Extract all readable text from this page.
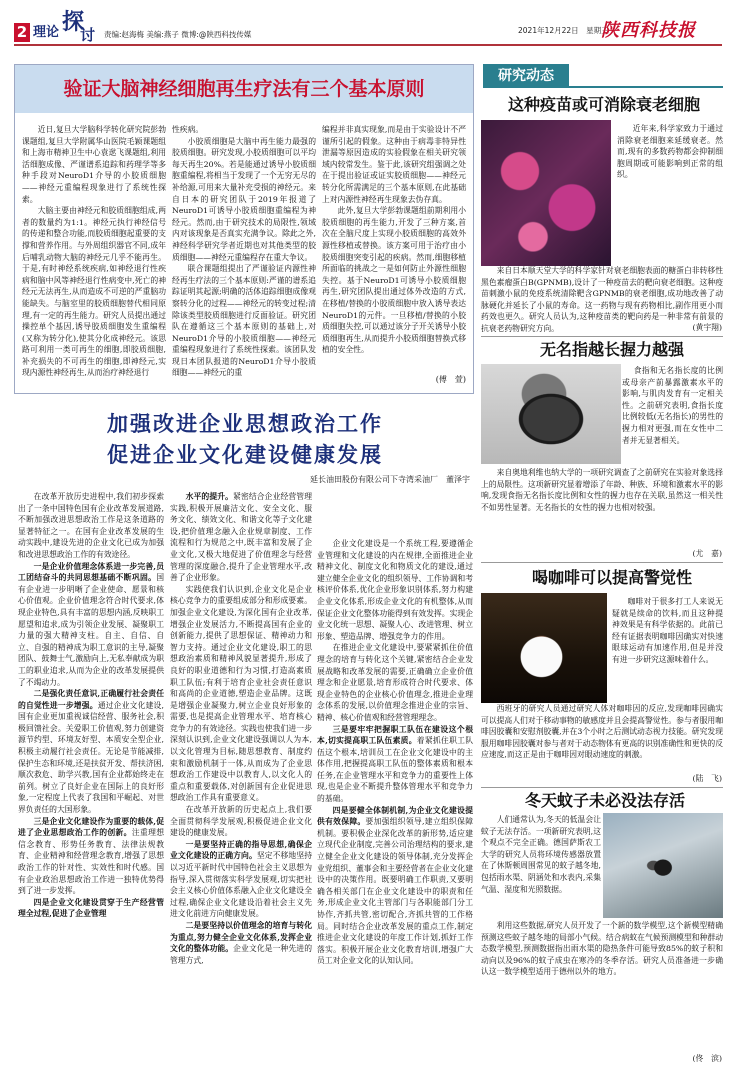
2 理论 探
讨 责编:赵海梅 美编:燕子 微博:@陕西科技传媒	2021年12月22日　星期三
陕西科技报
验证大脑神经细胞再生疗法有三个基本原则

近日,复旦大学脑科学转化研究院彭勃课题组,复旦大学附属华山医院毛颖课题组和上海市精神卫生中心袁逖飞课题组,利用活细胞成像、严谨谱系追踪和药理学等多种手段对NeuroD1介导的小胶质细胞——神经元重编程现象进行了系统性探索。

大脑主要由神经元和胶质细胞组成,两者的数量约为1:1。神经元执行神经信号的传递和整合功能,而胶质细胞起重要的支撑和营养作用。与外周组织器官不同,成年后哺乳动物大脑的神经元几乎不能再生。于是,有时神经系统疾病,如神经退行性疾病和脑中风等神经退行性病变中,死亡的神经元无法再生,从而造成不可逆的严重脑功能缺失。与脑室里的胶质细胞替代相同原理,有一定的再生能力。研究人员提出通过操控单个基因,诱导胶质细胞发生重编程(又称为转分化),使其分化成神经元。该思路可利用一类可再生的细胞,即胶质细胞,补充损失的不可再生的细胞,即神经元,实现内源性神经再生,从而治疗神经退行

性疾病。

小胶质细胞是大脑中再生能力最强的胶质细胞。研究发现,小胶质细胞可以平均每天再生20%。若是能通过诱导小胶质细胞重编程,将相当于发现了一个无穷无尽的补给源,可用来大量补充受损的神经元。来自日本的研究团队于2019年报道了NeuroD1可诱导小胶质细胞重编程为神经元。然而,由于研究技术的局限性,领域内对该现象是否真实充满争议。除此之外,神经科学研究学者近期也对其他类型的胶质细胞——神经元重编程存在重大争议。

联合课题组提出了严谨验证内源性神经再生疗法的三个基本原则:严谨的谱系追踪证明其起源;明确的活体追踪细胞成像观察转分化的过程——神经元的转变过程;清除该类型胶质细胞进行反面验证。研究团队在遵循这三个基本原则的基础上,对NeuroD1介导的小胶质细胞——神经元重编程现象进行了系统性探索。该团队发现日本团队报道的NeuroD1介导小胶质细胞——神经元的重

编程并非真实现象,而是由于实验设计不严谨所引起的假象。这种由于病毒非特异性泄漏等原因造成的实验假象在相关研究领域内较常发生。鉴于此,该研究组强调之处在于提出验证或证实胶质细胞——神经元转分化所需满足的三个基本原则,在此基础上对内源性神经再生现象去伪存真。

此外,复旦大学彭勃课题组前期利用小胶质细胞的再生能力,开发了三种方案,首次在全脑尺度上实现小胶质细胞的高效外源性移植或替换。该方案可用于治疗由小胶质细胞突变引起的疾病。然而,细胞移植所面临的挑战之一是如何防止外源性细胞失控。基于NeuroD1可诱导小胶质细胞再生,研究团队提出通过体外改造的方式,在移植/替换的小胶质细胞中放入诱导表达NeuroD1的元件。一旦移植/替换的小胶质细胞失控,可以通过该分子开关诱导小胶质细胞再生,从而提升小胶质细胞替换式移植的安全性。

(傅　萱)
加强改进企业思想政治工作
促进企业文化建设健康发展
延长油田股份有限公司下寺湾采油厂　董泽宇

在改革开放历史进程中,我们初步探索出了一条中国特色国有企业改革发展道路,不断加强改进思想政治工作是这条道路的显著特征之一。在国有企业改革发展的生动实践中,建设先进的企业文化已成为加强和改进思想政治工作的有效途径。

一是企业价值理念体系进一步完善,员工团结奋斗的共同思想基础不断巩固。国有企业进一步明晰了企业使命、愿景和核心价值观。企业价值理念符合时代要求,体现企业特色,具有丰富的思想内涵,反映职工愿望和追求,成为引领企业发展、凝聚职工力量的强大精神支柱。自主、自信、自立、自强的精神成为职工意识的主导,凝聚团队、鼓舞士气,激励向上,无私奉献成为职工的职业追求,从而为企业的改革发展提供了不竭动力。

二是强化责任意识,正确履行社会责任的自觉性进一步增强。通过企业文化建设,国有企业更加重视诚信经营、服务社会,积极回馈社会。关爱职工价值观,努力创建资源节约型、环境友好型、本质安全型企业,积极主动履行社会责任。无论是节能减排,保护生态和环境,还是扶贫开发、帮扶济困,顺次救危、助学兴教,国有企业都始终走在前列。树立了良好企业在国际上的良好形象,一定程度上代表了我国和平崛起、对世界负责任的大国形象。

三是企业文化建设作为重要的载体,促进了企业思想政治工作的创新。注重理想信念教育、形势任务教育、法律法规教育、企业精神和经营理念教育,增强了思想政治工作的针对性、实效性和时代感。国有企业政治思想政治工作进一独特优势得到了进一步发挥。

四是企业文化建设贯穿于生产经营管理全过程,促进了企业管理

水平的提升。紧密结合企业经营管理实践,积极开展廉洁文化、安全文化、服务文化、绩效文化、和谐文化等子文化建设,把价值理念融入企业规章制度、工作流程和行为规范之中,既丰富和发展了企业文化,又极大地促进了价值理念与经营管理的深度融合,提升了企业管理水平,改善了企业形象。

实践使我们认识到,企业文化是企业核心竞争力的重要组成部分和形成要素。加强企业文化建设,为深化国有企业改革,增强企业发展活力,不断提高国有企业的创新能力,提供了思想保证、精神动力和智力支持。通过企业文化建设,职工的思想政治素质和精神风貌显著提升,形成了良好的职业道德和行为习惯,打造高素质职工队伍;有利于培育企业社会责任意识和高尚的企业道德,塑造企业品牌。这既是增强企业凝聚力,树立企业良好形象的需要,也是提高企业管理水平、培育核心竞争力的有效途径。实践也使我们进一步深刻认识到,企业文化建设强调以人为本,以文化管理为目标,随思想教育、制度约束和激励机制于一体,从而成为了企业思想政治工作建设中以教育人,以文化人的重点和重要载体,对创新国有企业促进思想政治工作具有重要意义。

在改革开放新的历史起点上,我们要全面贯彻科学发展观,积极促进企业文化建设的健康发展。

一是要坚持正确的指导思想,确保企业文化建设的正确方向。坚定不移地坚持以习近平新时代中国特色社会主义思想为指导,深入贯彻落实科学发展观,切实把社会主义核心价值体系融入企业文化建设全过程,确保企业文化建设沿着社会主义先进文化前进方向健康发展。

二是要坚持以价值理念的培育与转化为重点,努力健全企业文化体系,发挥企业文化的整体功能。企业文化是一种先进的管理方式,

企业文化建设是一个系统工程,要遵循企业管理和文化建设的内在规律,全面推进企业精神文化、制度文化和物质文化的建设,通过建立健全企业文化的组织领导、工作协调和考核评价体系,优化企业形象识别体系,努力构建企业文化体系,形成企业文化的有机整体,从而保证企业文化整体功能得到有效发挥。实现企业文化统一思想、凝聚人心、改进管理、树立形象、塑造品牌、增强竞争力的作用。

在推进企业文化建设中,要紧紧抓住价值理念的培育与转化这个关键,紧密结合企业发展战略和改革发展的需要,正确确立企业价值理念和企业愿景,培育形成符合时代要求、体现企业特色的企业核心价值理念,推进企业理念体系的发展,以价值理念推进企业的宗旨、精神、核心价值观和经营管理理念。

三是要牢牢把握职工队伍在建设这个根本,切实提高职工队伍素质。着紧抓住职工队伍这个根本,培训员工在企业文化建设中的主体作用,把握提高职工队伍的整体素质和根本任务,在企业管理水平和竞争力的重要性上体现,也是企业不断提升整体管理水平和竞争力的基础。

四是要健全体制机制,为企业文化建设提供有效保障。要加强组织领导,建立组织保障机制。要积极企业深化改革的新形势,适应建立现代企业制度,完善公司治理结构的要求,建立健全企业文化建设的领导体制,充分发挥企业党组织、董事会和主要经营者在企业文化建设中的决策作用。既要明确工作职责,又要明确各相关部门在企业文化建设中的职责和任务,形成企业文化主管部门与各职能部门分工协作,齐抓共管,密切配合,齐抓共管的工作格局。同时结合企业改革发展的重点工作,制定推进企业文化建设的年度工作计划,抓好工作落实。积极开展企业文化教育培训,增强广大员工对企业文化的认知认同。

研究动态
这种疫苗或可消除衰老细胞

近年来,科学家致力于通过消除衰老细胞来延缓衰老。然而,现有的多数药物都会抑制细胞周期或可能影响到正常的组织。

来自日本顺天堂大学的科学家针对衰老细胞表面的糖蛋白非转移性黑色素瘤蛋白B(GPNMB),设计了一种疫苗去的靶向衰老细胞。这种疫苗刺激小鼠的免疫系统清除靶含GPNMB的衰老细胞,成功地改善了动脉硬化并延长了小鼠的寿命。这一药物与现有药物相比,副作用更小而药效也更久。研究人员认为,这种疫苗类的靶向药是一种非常有前景的抗衰老药物研究方向。	(黄宇翔)
无名指越长握力越强

食指和无名指长度的比例或母亲产前暴露激素水平的影响,与肌肉发育有一定相关性。之前研究表明,食指长度比例较低(无名指长)的男性的握力相对更强,而在女性中二者并无显著相关。

来自奥地利维也纳大学的一项研究调查了之前研究在实验对象选择上的局限性。这项新研究显着增添了年龄、种族、环境和激素水平的影响,发现食指无名指长度比例和女性的握力也存在关联,虽然这一相关性不如男性显著。无名指长的女性的握力也相对较强。

(尤　嘉)
喝咖啡可以提高警觉性

咖啡对于很多打工人来说无疑就是续命的饮料,而且这种提神效果是有科学依据的。此前已经有证据表明咖啡因确实对快速眼球运动有加速作用,但是并没有进一步研究这源味着什么。

西班牙的研究人员通过研究人体对咖啡因的反应,发现咖啡因确实可以提高人们对于移动事物的敏感度并且会提高警觉性。参与者服用咖啡因胶囊和安慰剂胶囊,并在3个小时之后测试动态视力技能。研究发现服用咖啡因胶囊对参与者对于动态物体有更高的识别准确性和更快的反应速度,而这正是由于咖啡因对眼动速度的刺激。

(陆　飞)
冬天蚊子未必没法存活

人们通常认为,冬天的低温会让蚊子无法存活。一项新研究表明,这个观点不完全正确。德国萨斯农工大学的研究人员将环境传感器放置在了休斯顿周围常见的蚊子越冬地,包括雨水渠、阴涵处和水表内,采集气温、湿度和光照数据。

利用这些数据,研究人员开发了一个新的数学模型,这个新模型精确预测这些蚊子越冬地的局部小气候。结合病蚊在气候预测模型和种群动态数学模型,预测数据指出雨水渠的隐热条件可能导致85%的蚊子积和动向以及96%的蚊子成虫在寒冷的冬季存活。研究人员准备进一步确认这一数学模型适用于德州以外的地方。

(佟　滨)
